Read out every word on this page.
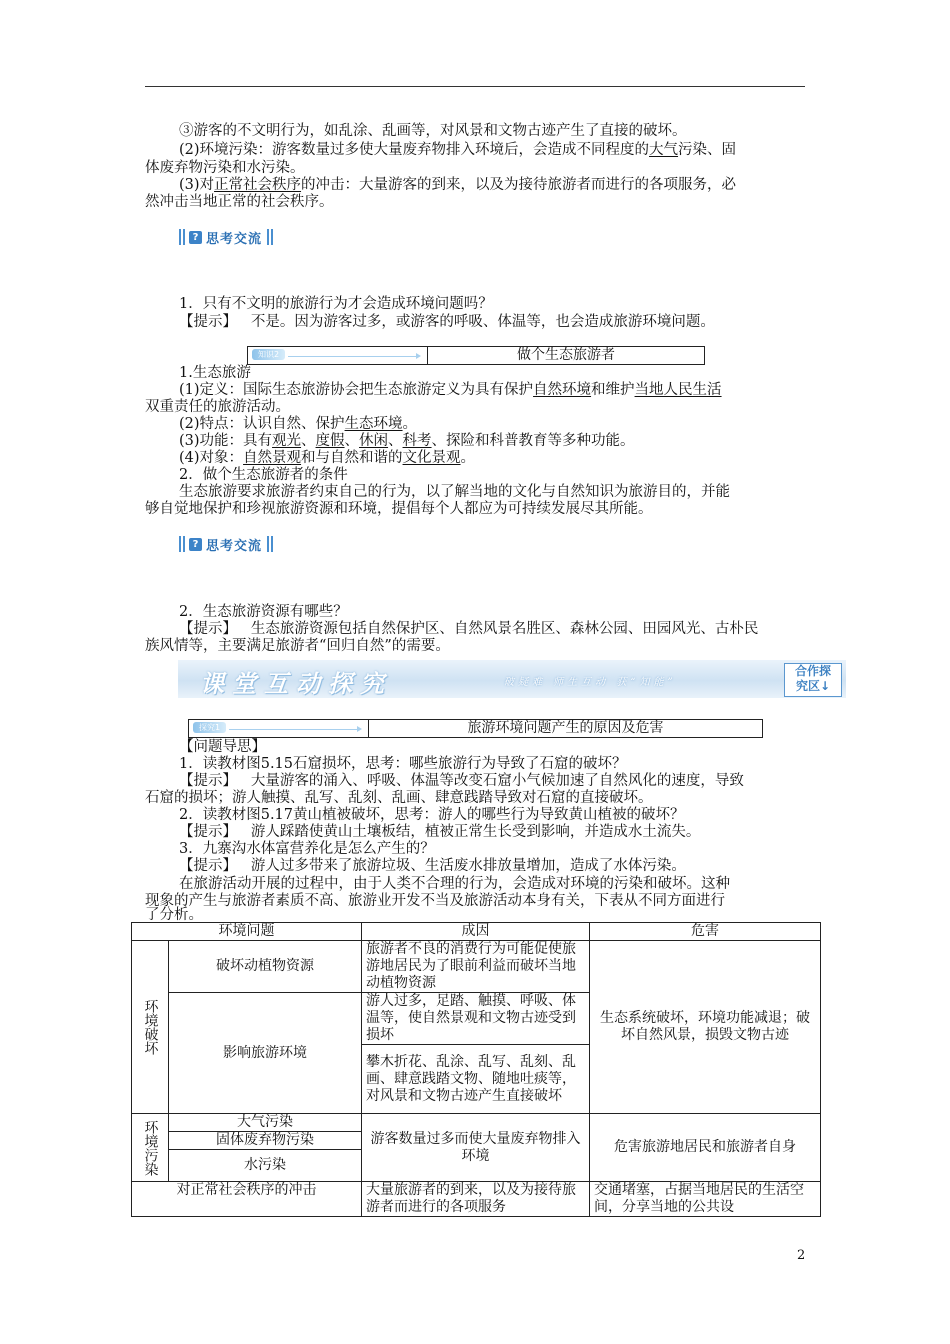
③游客的不文明行为，如乱涂、乱画等，对风景和文物古迹产生了直接的破坏。
(2)环境污染：游客数量过多使大量废弃物排入环境后，会造成不同程度的大气污染、固
体废弃物污染和水污染。
(3)对正常社会秩序的冲击：大量游客的到来，以及为接待旅游者而进行的各项服务，必
然冲击当地正常的社会秩序。
? 思考交流
1．只有不文明的旅游行为才会造成环境问题吗？
【提示】 不是。因为游客过多，或游客的呼吸、体温等，也会造成旅游环境问题。
知识2	做个生态旅游者
1.生态旅游
(1)定义：国际生态旅游协会把生态旅游定义为具有保护自然环境和维护当地人民生活
双重责任的旅游活动。
(2)特点：认识自然、保护生态环境。
(3)功能：具有观光、度假、休闲、科考、探险和科普教育等多种功能。
(4)对象：自然景观和与自然和谐的文化景观。
2．做个生态旅游者的条件
生态旅游要求旅游者约束自己的行为，以了解当地的文化与自然知识为旅游目的，并能
够自觉地保护和珍视旅游资源和环境，提倡每个人都应为可持续发展尽其所能。
? 思考交流
2．生态旅游资源有哪些？
【提示】 生态旅游资源包括自然保护区、自然风景名胜区、森林公园、田园风光、古朴民
族风情等，主要满足旅游者“回归自然”的需要。
课堂互动探究	破疑难 师生互动 获“知能”
合作探
究区↓
探究1	旅游环境问题产生的原因及危害
【问题导思】
1．读教材图5.15石窟损坏，思考：哪些旅游行为导致了石窟的破坏？
【提示】 大量游客的涌入、呼吸、体温等改变石窟小气候加速了自然风化的速度，导致
石窟的损坏；游人触摸、乱写、乱刻、乱画、肆意践踏导致对石窟的直接破坏。
2．读教材图5.17黄山植被破坏，思考：游人的哪些行为导致黄山植被的破坏？
【提示】 游人踩踏使黄山土壤板结，植被正常生长受到影响，并造成水土流失。
3．九寨沟水体富营养化是怎么产生的？
【提示】 游人过多带来了旅游垃圾、生活废水排放量增加，造成了水体污染。
在旅游活动开展的过程中，由于人类不合理的行为，会造成对环境的污染和破坏。这种
现象的产生与旅游者素质不高、旅游业开发不当及旅游活动本身有关，下表从不同方面进行
了分析。
环境问题		成因	危害
环境破坏	破坏动植物资源	旅游者不良的消费行为可能促使旅游地居民为了眼前利益而破坏当地动植物资源	生态系统破坏，环境功能减退；破坏自然风景，损毁文物古迹
	影响旅游环境	游人过多，足踏、触摸、呼吸、体温等，使自然景观和文物古迹受到损坏	
		攀木折花、乱涂、乱写、乱刻、乱画、肆意践踏文物、随地吐痰等，对风景和文物古迹产生直接破坏	
环境污染	大气污染	游客数量过多而使大量废弃物排入环境	危害旅游地居民和旅游者自身
	固体废弃物污染		
	水污染		
对正常社会秩序的冲击		大量旅游者的到来，以及为接待旅游者而进行的各项服务	交通堵塞，占据当地居民的生活空间，分享当地的公共设
2
